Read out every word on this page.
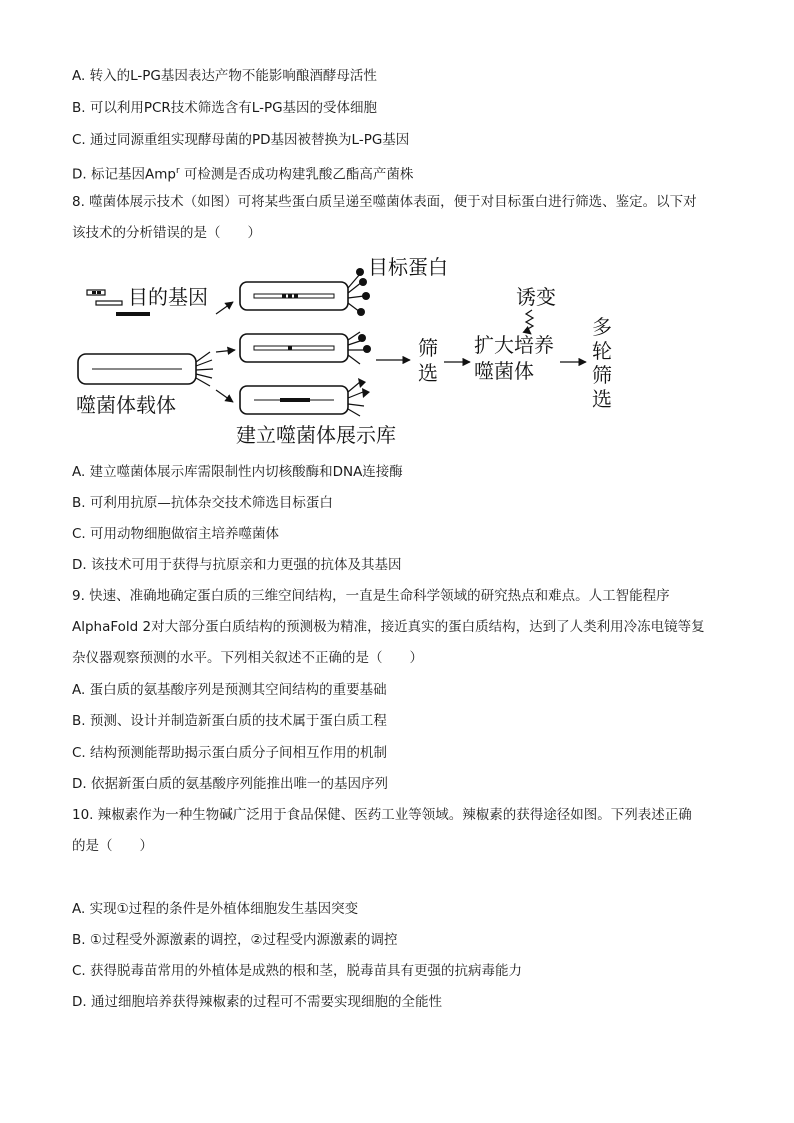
A. 转入的L-PG基因表达产物不能影响酿酒酵母活性
B. 可以利用PCR技术筛选含有L-PG基因的受体细胞
C. 通过同源重组实现酵母菌的PD基因被替换为L-PG基因
D. 标记基因Amp$^r$ 可检测是否成功构建乳酸乙酯高产菌株
8. 噬菌体展示技术（如图）可将某些蛋白质呈递至噬菌体表面，便于对目标蛋白进行筛选、鉴定。以下对
该技术的分析错误的是（　　）
目的基因
噬菌体载体
目标蛋白
建立噬菌体展示库
筛
选
诱变
扩大培养
噬菌体
多
轮
筛
选
A. 建立噬菌体展示库需限制性内切核酸酶和DNA连接酶
B. 可利用抗原—抗体杂交技术筛选目标蛋白
C. 可用动物细胞做宿主培养噬菌体
D. 该技术可用于获得与抗原亲和力更强的抗体及其基因
9. 快速、准确地确定蛋白质的三维空间结构，一直是生命科学领域的研究热点和难点。人工智能程序
AlphaFold 2对大部分蛋白质结构的预测极为精准，接近真实的蛋白质结构，达到了人类利用冷冻电镜等复
杂仪器观察预测的水平。下列相关叙述不正确的是（　　）
A. 蛋白质的氨基酸序列是预测其空间结构的重要基础
B. 预测、设计并制造新蛋白质的技术属于蛋白质工程
C. 结构预测能帮助揭示蛋白质分子间相互作用的机制
D. 依据新蛋白质的氨基酸序列能推出唯一的基因序列
10. 辣椒素作为一种生物碱广泛用于食品保健、医药工业等领域。辣椒素的获得途径如图。下列表述正确
的是（　　）
A. 实现①过程的条件是外植体细胞发生基因突变
B. ①过程受外源激素的调控，②过程受内源激素的调控
C. 获得脱毒苗常用的外植体是成熟的根和茎，脱毒苗具有更强的抗病毒能力
D. 通过细胞培养获得辣椒素的过程可不需要实现细胞的全能性
